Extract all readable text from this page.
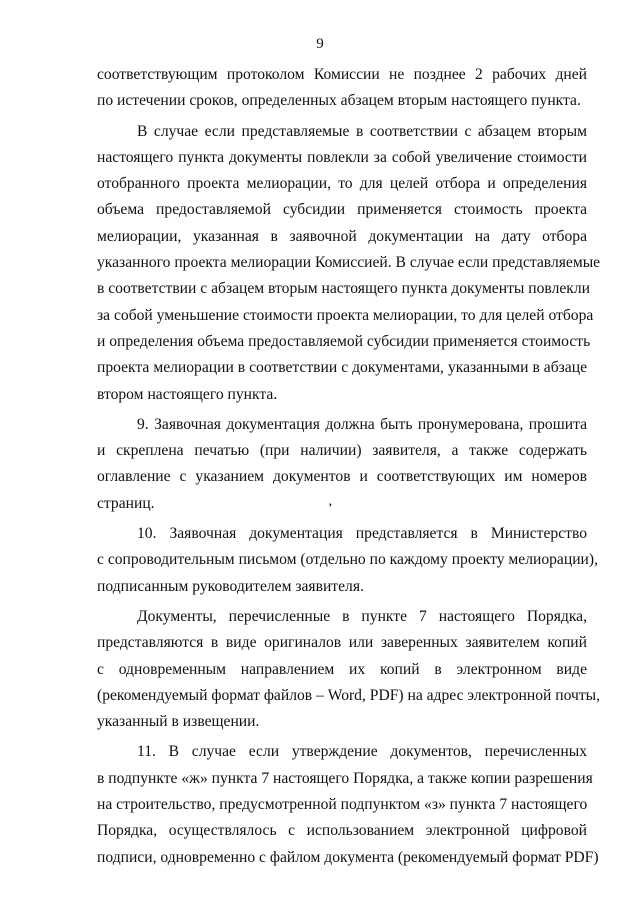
9
соответствующим протоколом Комиссии не позднее 2 рабочих дней
по истечении сроков, определенных абзацем вторым настоящего пункта.
В случае если представляемые в соответствии с абзацем вторым
настоящего пункта документы повлекли за собой увеличение стоимости
отобранного проекта мелиорации, то для целей отбора и определения
объема предоставляемой субсидии применяется стоимость проекта
мелиорации, указанная в заявочной документации на дату отбора
указанного проекта мелиорации Комиссией. В случае если представляемые
в соответствии с абзацем вторым настоящего пункта документы повлекли
за собой уменьшение стоимости проекта мелиорации, то для целей отбора
и определения объема предоставляемой субсидии применяется стоимость
проекта мелиорации в соответствии с документами, указанными в абзаце
втором настоящего пункта.
9. Заявочная документация должна быть пронумерована, прошита
и скреплена печатью (при наличии) заявителя, а также содержать
оглавление с указанием документов и соответствующих им номеров
страниц.
10. Заявочная документация представляется в Министерство
с сопроводительным письмом (отдельно по каждому проекту мелиорации),
подписанным руководителем заявителя.
Документы, перечисленные в пункте 7 настоящего Порядка,
представляются в виде оригиналов или заверенных заявителем копий
с одновременным направлением их копий в электронном виде
(рекомендуемый формат файлов – Word, PDF) на адрес электронной почты,
указанный в извещении.
11. В случае если утверждение документов, перечисленных
в подпункте «ж» пункта 7 настоящего Порядка, а также копии разрешения
на строительство, предусмотренной подпунктом «з» пункта 7 настоящего
Порядка, осуществлялось с использованием электронной цифровой
подписи, одновременно с файлом документа (рекомендуемый формат PDF)
,
